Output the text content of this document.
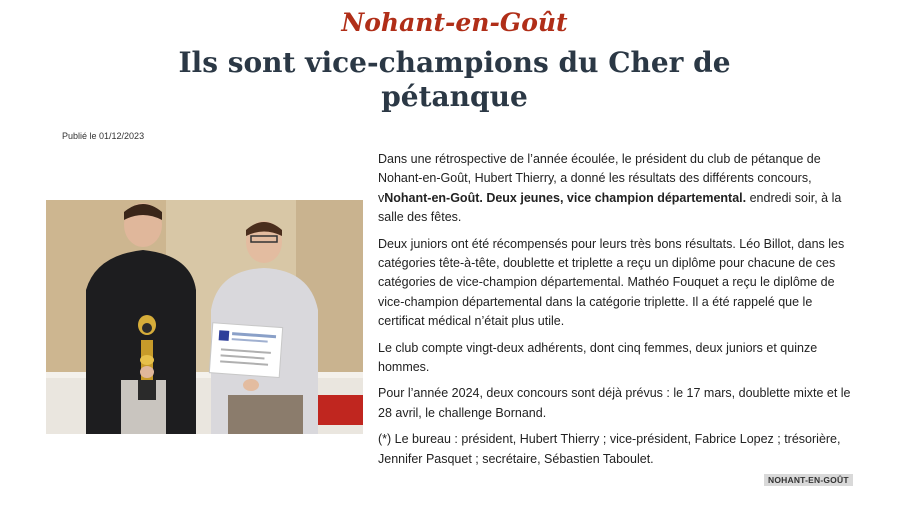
Nohant-en-Goût
Ils sont vice-champions du Cher de pétanque
Publié le 01/12/2023

Dans une rétrospective de l’année écoulée, le président du club de pétanque de Nohant-en-Goût, Hubert Thierry, a donné les résultats des différents concours, vNohant-en-Goût. Deux jeunes, vice champion départemental. endredi soir, à la salle des fêtes.

Deux juniors ont été récompensés pour leurs très bons résultats. Léo Billot, dans les catégories tête-à-tête, doublette et triplette a reçu un diplôme pour chacune de ces catégories de vice-champion départemental. Mathéo Fouquet a reçu le diplôme de vice-champion départemental dans la catégorie triplette. Il a été rappelé que le certificat médical n’était plus utile.

Le club compte vingt-deux adhérents, dont cinq femmes, deux juniors et quinze hommes.

Pour l’année 2024, deux concours sont déjà prévus : le 17 mars, doublette mixte et le 28 avril, le challenge Bornand.

(*) Le bureau : président, Hubert Thierry ; vice-président, Fabrice Lopez ; trésorière, Jennifer Pasquet ; secrétaire, Sébastien Taboulet.

NOHANT-EN-GOÛT
